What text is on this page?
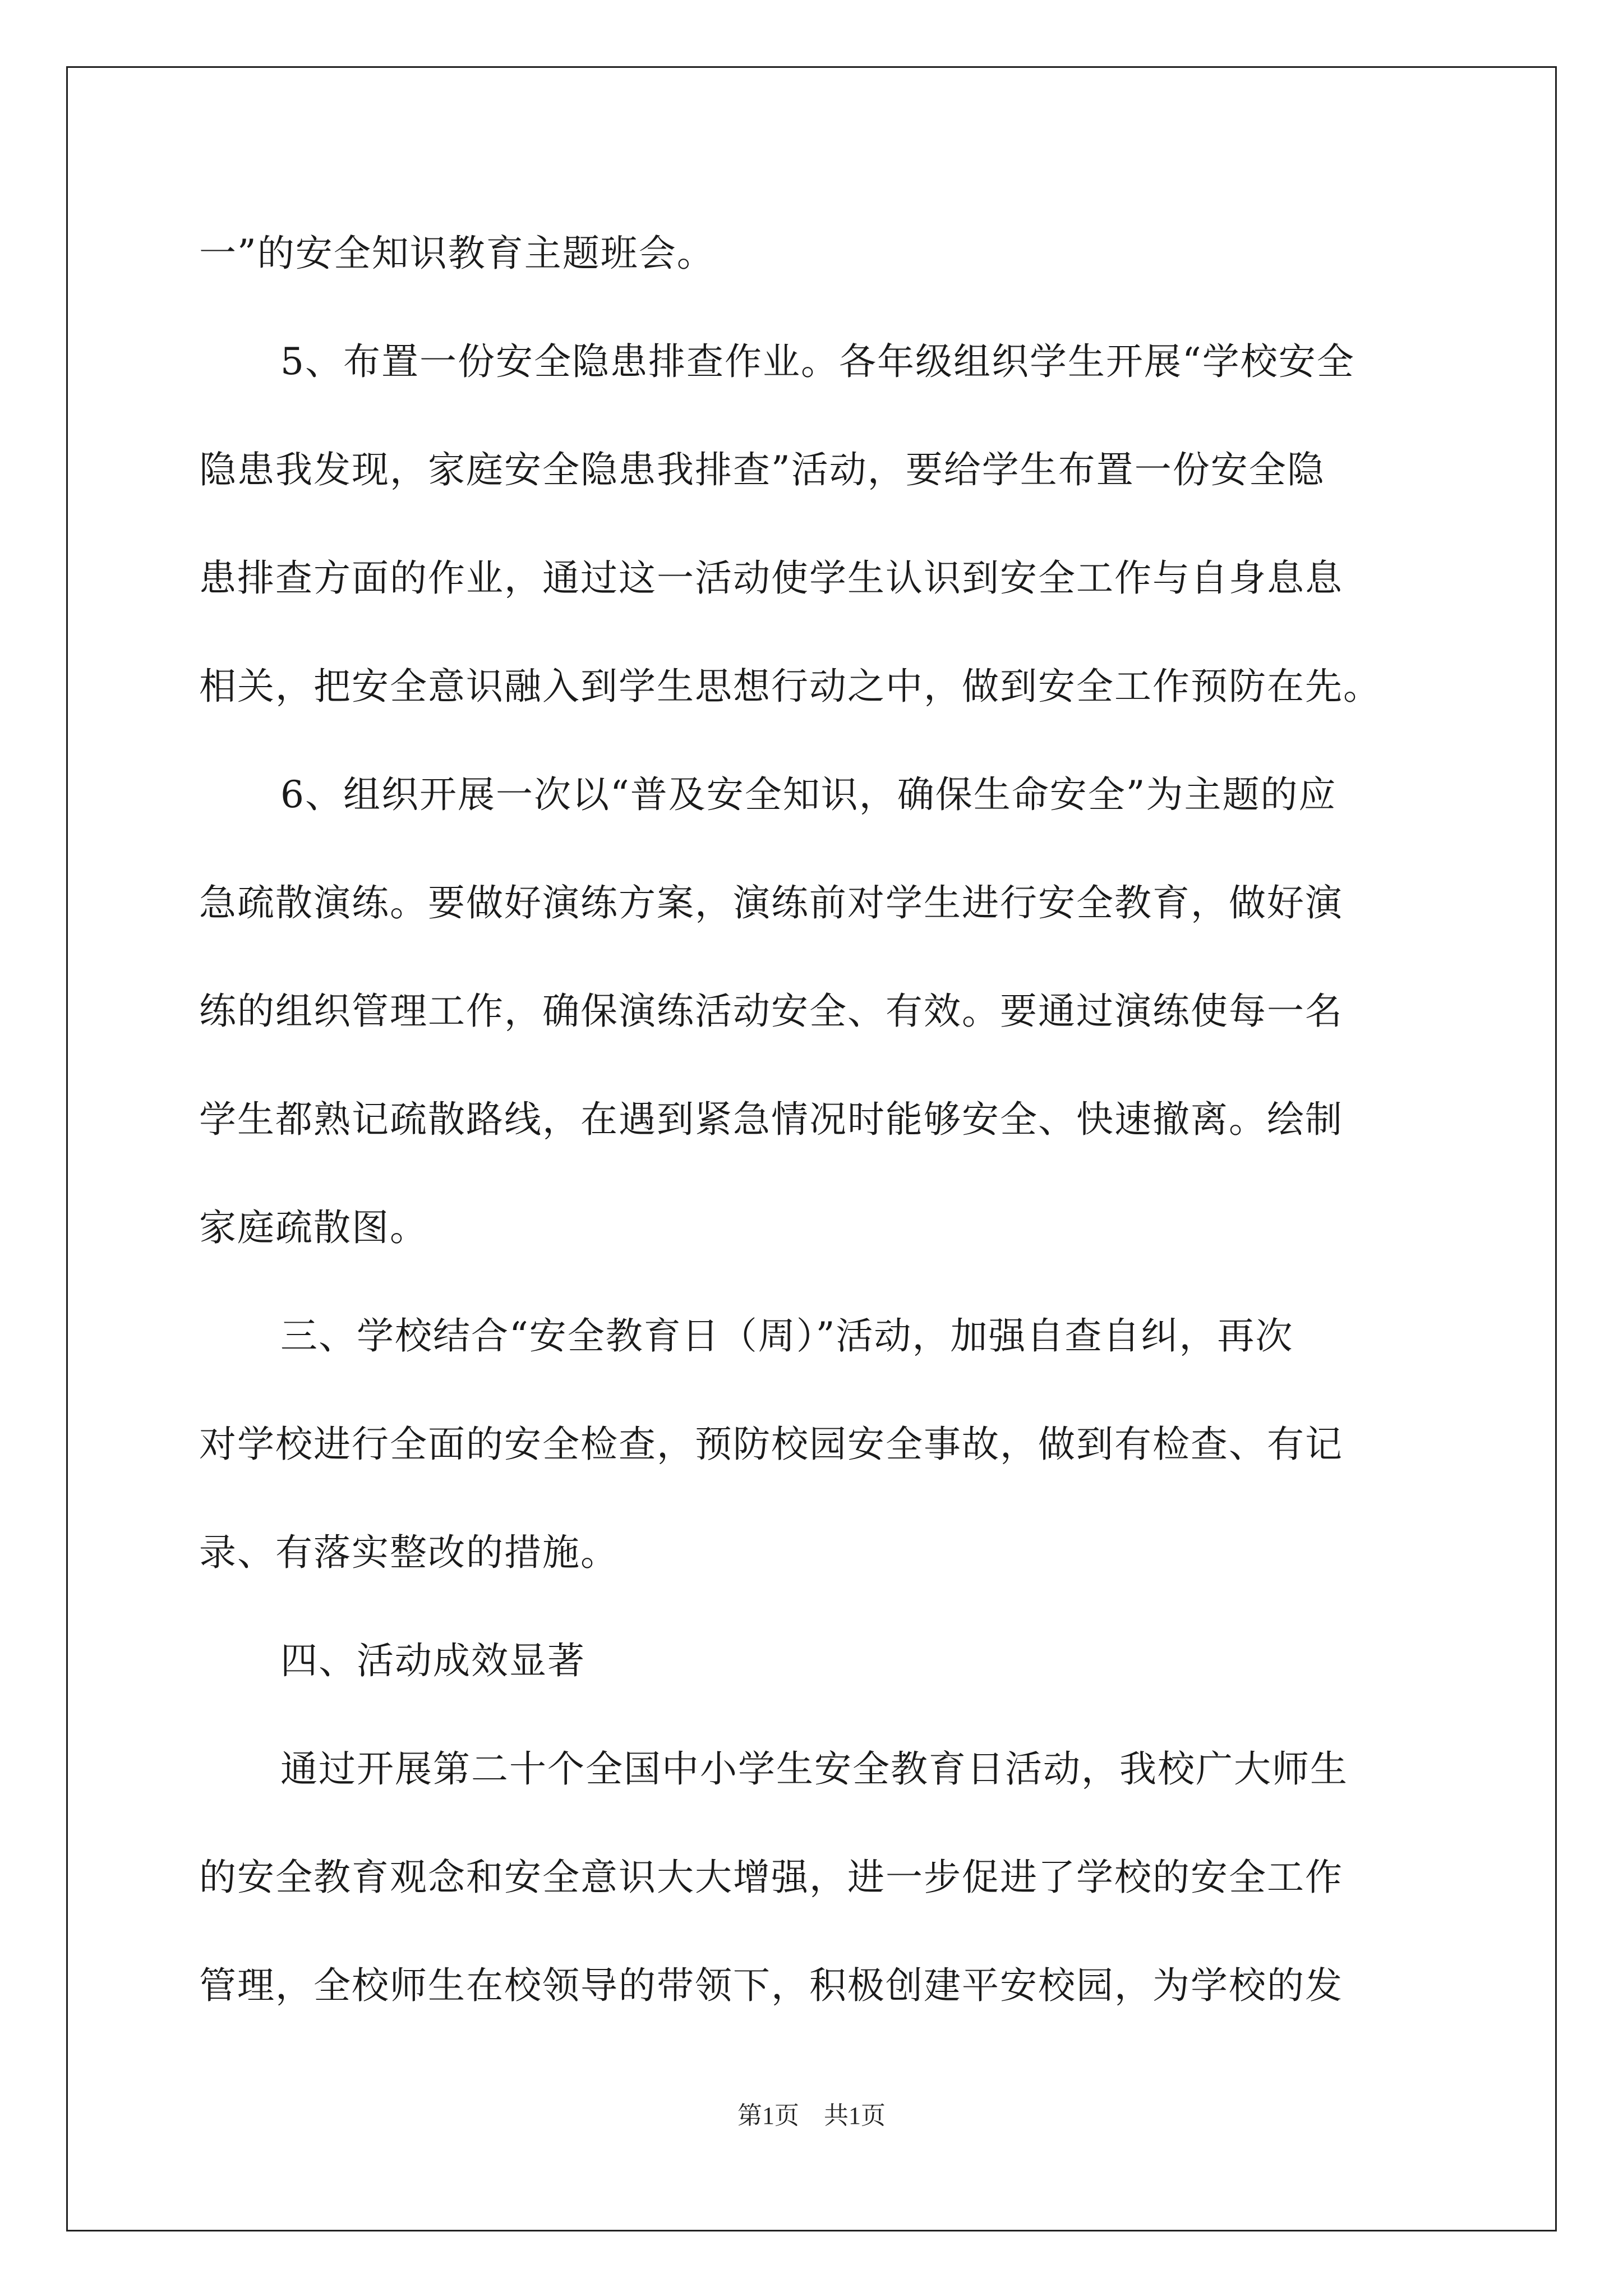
一”的安全知识教育主题班会。

5、布置一份安全隐患排查作业。各年级组织学生开展“学校安全
隐患我发现，家庭安全隐患我排查”活动，要给学生布置一份安全隐
患排查方面的作业，通过这一活动使学生认识到安全工作与自身息息
相关，把安全意识融入到学生思想行动之中，做到安全工作预防在先。

6、组织开展一次以“普及安全知识，确保生命安全”为主题的应
急疏散演练。要做好演练方案，演练前对学生进行安全教育，做好演
练的组织管理工作，确保演练活动安全、有效。要通过演练使每一名
学生都熟记疏散路线，在遇到紧急情况时能够安全、快速撤离。绘制
家庭疏散图。

三、学校结合“安全教育日（周）”活动，加强自查自纠，再次
对学校进行全面的安全检查，预防校园安全事故，做到有检查、有记
录、有落实整改的措施。

四、活动成效显著

通过开展第二十个全国中小学生安全教育日活动，我校广大师生
的安全教育观念和安全意识大大增强，进一步促进了学校的安全工作
管理，全校师生在校领导的带领下，积极创建平安校园，为学校的发

第1页　共1页
